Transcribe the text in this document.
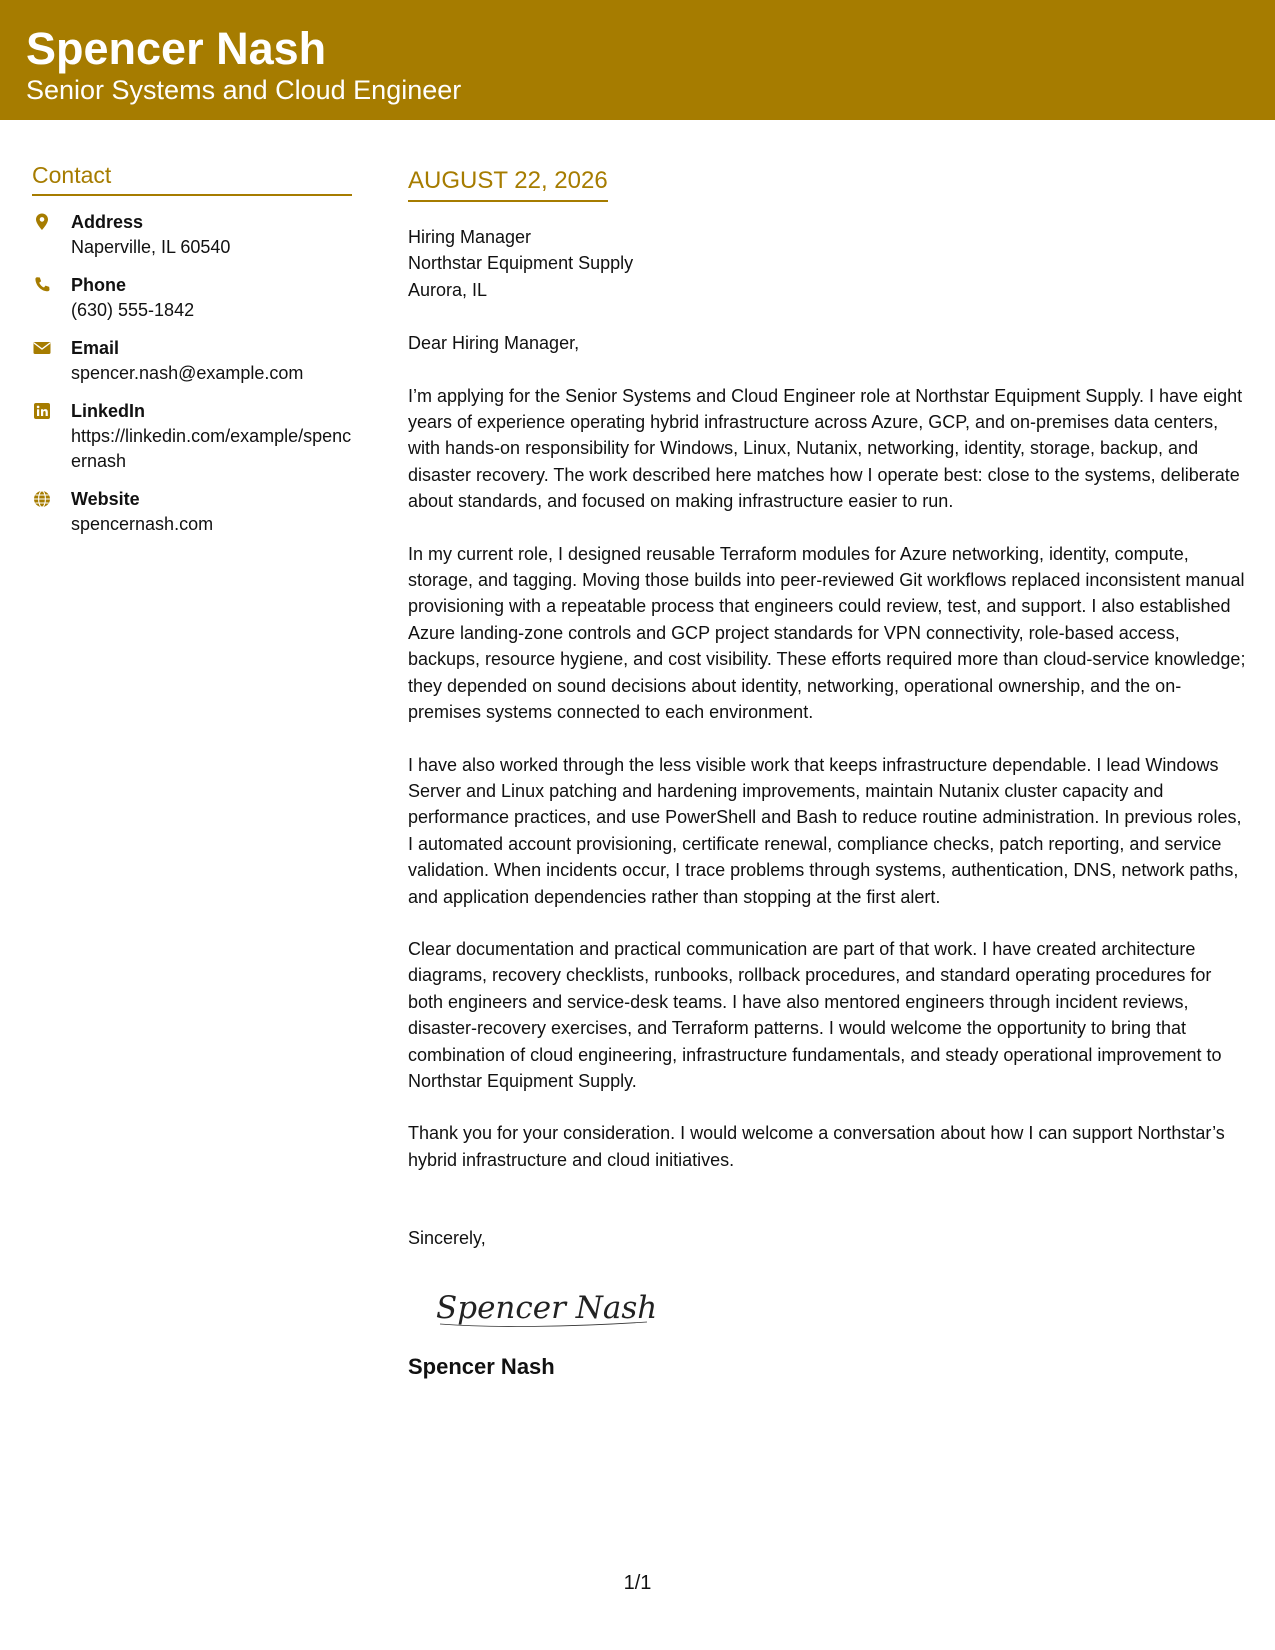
Spencer Nash
Senior Systems and Cloud Engineer
Contact
Address
Naperville, IL 60540
Phone
(630) 555-1842
Email
spencer.nash@example.com
LinkedIn
https://linkedin.com/example/spencernash
Website
spencernash.com
AUGUST 22, 2026
Hiring Manager
Northstar Equipment Supply
Aurora, IL
Dear Hiring Manager,
I’m applying for the Senior Systems and Cloud Engineer role at Northstar Equipment Supply. I have eight years of experience operating hybrid infrastructure across Azure, GCP, and on-premises data centers, with hands-on responsibility for Windows, Linux, Nutanix, networking, identity, storage, backup, and disaster recovery. The work described here matches how I operate best: close to the systems, deliberate about standards, and focused on making infrastructure easier to run.
In my current role, I designed reusable Terraform modules for Azure networking, identity, compute, storage, and tagging. Moving those builds into peer-reviewed Git workflows replaced inconsistent manual provisioning with a repeatable process that engineers could review, test, and support. I also established Azure landing-zone controls and GCP project standards for VPN connectivity, role-based access, backups, resource hygiene, and cost visibility. These efforts required more than cloud-service knowledge; they depended on sound decisions about identity, networking, operational ownership, and the on-premises systems connected to each environment.
I have also worked through the less visible work that keeps infrastructure dependable. I lead Windows Server and Linux patching and hardening improvements, maintain Nutanix cluster capacity and performance practices, and use PowerShell and Bash to reduce routine administration. In previous roles, I automated account provisioning, certificate renewal, compliance checks, patch reporting, and service validation. When incidents occur, I trace problems through systems, authentication, DNS, network paths, and application dependencies rather than stopping at the first alert.
Clear documentation and practical communication are part of that work. I have created architecture diagrams, recovery checklists, runbooks, rollback procedures, and standard operating procedures for both engineers and service-desk teams. I have also mentored engineers through incident reviews, disaster-recovery exercises, and Terraform patterns. I would welcome the opportunity to bring that combination of cloud engineering, infrastructure fundamentals, and steady operational improvement to Northstar Equipment Supply.
Thank you for your consideration. I would welcome a conversation about how I can support Northstar’s hybrid infrastructure and cloud initiatives.
Sincerely,
Spencer Nash
Spencer Nash
1/1
